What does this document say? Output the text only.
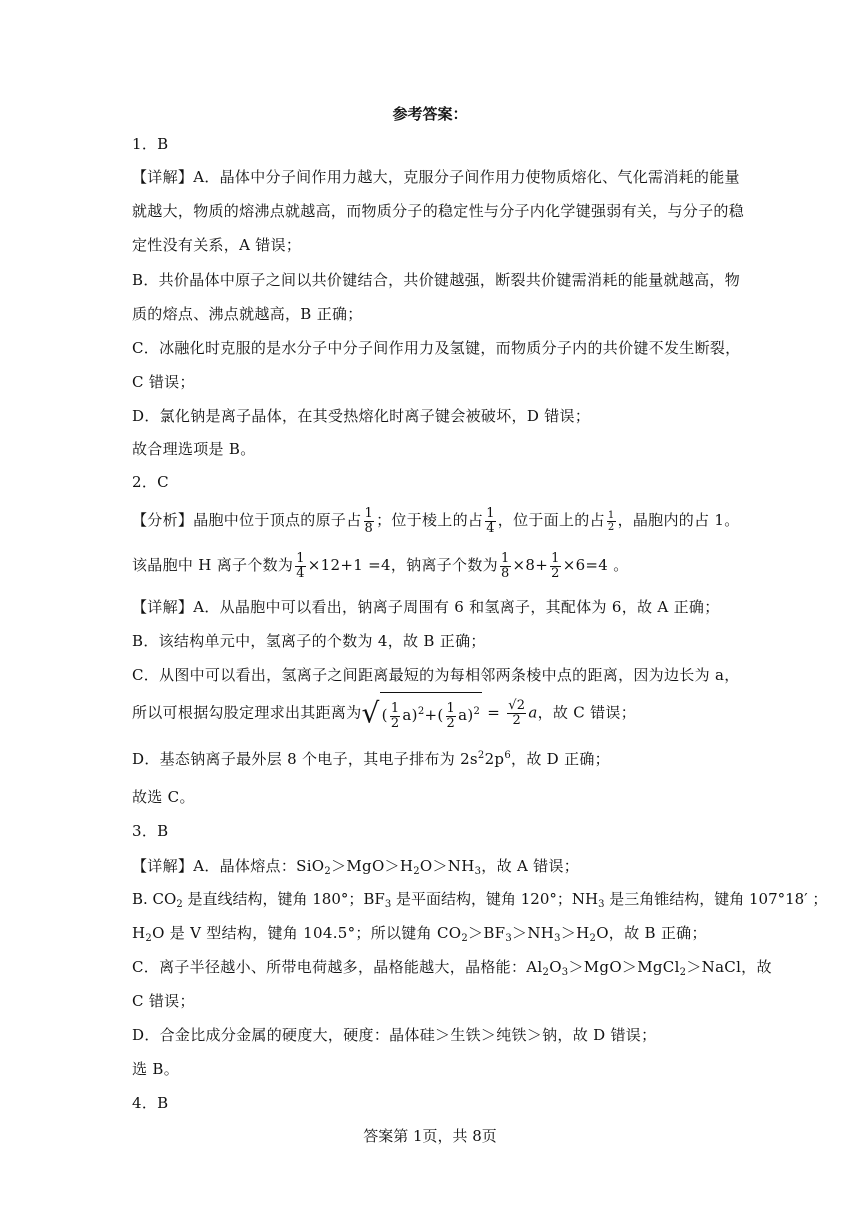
参考答案：
1．B
【详解】A．晶体中分子间作用力越大，克服分子间作用力使物质熔化、气化需消耗的能量
就越大，物质的熔沸点就越高，而物质分子的稳定性与分子内化学键强弱有关，与分子的稳
定性没有关系，A 错误；
B．共价晶体中原子之间以共价键结合，共价键越强，断裂共价键需消耗的能量就越高，物
质的熔点、沸点就越高，B 正确；
C．冰融化时克服的是水分子中分子间作用力及氢键，而物质分子内的共价键不发生断裂，
C 错误；
D．氯化钠是离子晶体，在其受热熔化时离子键会被破坏，D 错误；
故合理选项是 B。
2．C
【分析】晶胞中位于顶点的原子占 $\frac{1}{8}$ ；位于棱上的占 $\frac{1}{4}$ ，位于面上的占 $\frac{1}{2}$ ，晶胞内的占 1。
该晶胞中 H 离子个数为 $\frac{1}{4} \times 12+1 =4$，钠离子个数为 $\frac{1}{8} \times 8+ \frac{1}{2} \times 6=4$ 。
【详解】A．从晶胞中可以看出，钠离子周围有 6 和氢离子，其配体为 6，故 A 正确；
B．该结构单元中，氢离子的个数为 4，故 B 正确；
C．从图中可以看出，氢离子之间距离最短的为每相邻两条棱中点的距离，因为边长为 a，
所以可根据勾股定理求出其距离为√ ( $\frac{1}{2} a)^2+( \frac{1}{2} a)^2 = \frac{√2}{2}$ a，故 C 错误；
D．基态钠离子最外层 8 个电子，其电子排布为 $2s^22p^6$，故 D 正确；
故选 C。
3．B
【详解】A．晶体熔点：$SiO_2>MgO>H_2O>NH_3$，故 A 错误；
B. $CO_2$ 是直线结构，键角 180°；$BF_3$ 是平面结构，键角 120°；$NH_3$ 是三角锥结构，键角 107°18′ ；
$H_2O$ 是 V 型结构，键角 104.5°；所以键角 $CO_2>BF_3>NH_3>H_2O$，故 B 正确；
C．离子半径越小、所带电荷越多，晶格能越大，晶格能：$Al_2O_3>MgO>MgCl_2>NaCl$，故
C 错误；
D．合金比成分金属的硬度大，硬度：晶体硅＞生铁＞纯铁＞钠，故 D 错误；
选 B。
4．B
答案第 1页，共 8页
